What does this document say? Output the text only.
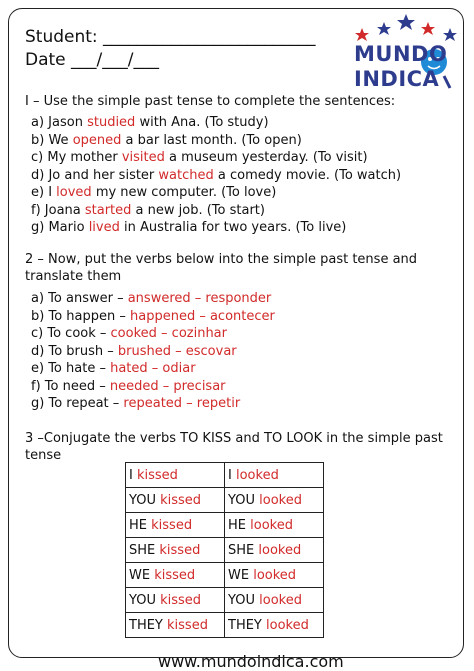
Student: _________________________
Date ___/___/___	MUNDO
INDICA
I – Use the simple past tense to complete the sentences:
a) Jason studied with Ana. (To study)
b) We opened a bar last month. (To open)
c) My mother visited a museum yesterday. (To visit)
d) Jo and her sister watched a comedy movie. (To watch)
e) I loved my new computer. (To love)
f) Joana started a new job. (To start)
g) Mario lived in Australia for two years. (To live)
2 – Now, put the verbs below into the simple past tense and translate them
a) To answer – answered – responder
b) To happen – happened – acontecer
c) To cook – cooked – cozinhar
d) To brush – brushed – escovar
e) To hate – hated – odiar
f) To need – needed – precisar
g) To repeat – repeated – repetir
3 –Conjugate the verbs TO KISS and TO LOOK in the simple past tense
I kissed	I looked
YOU kissed	YOU looked
HE kissed	HE looked
SHE kissed	SHE looked
WE kissed	WE looked
YOU kissed	YOU looked
THEY kissed	THEY looked
www.mundoindica.com
